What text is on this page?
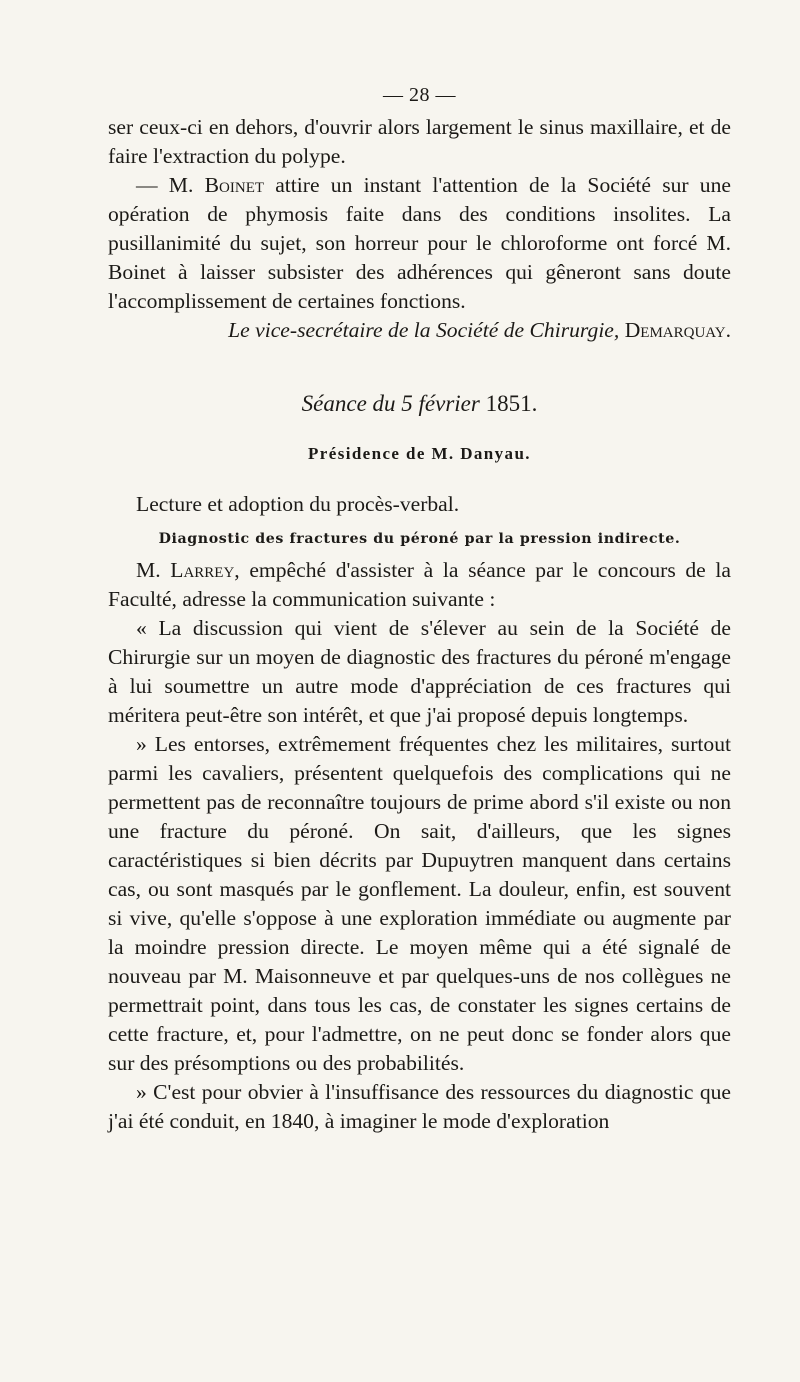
— 28 —

ser ceux-ci en dehors, d'ouvrir alors largement le sinus maxillaire, et de faire l'extraction du polype.

— M. Boinet attire un instant l'attention de la Société sur une opération de phymosis faite dans des conditions insolites. La pusillanimité du sujet, son horreur pour le chloroforme ont forcé M. Boinet à laisser subsister des adhérences qui gêneront sans doute l'accomplissement de certaines fonctions.

Le vice-secrétaire de la Société de Chirurgie, Demarquay.
Séance du 5 février 1851.
Présidence de M. Danyau.

Lecture et adoption du procès-verbal.

Diagnostic des fractures du péroné par la pression indirecte.

M. Larrey, empêché d'assister à la séance par le concours de la Faculté, adresse la communication suivante :

« La discussion qui vient de s'élever au sein de la Société de Chirurgie sur un moyen de diagnostic des fractures du péroné m'engage à lui soumettre un autre mode d'appréciation de ces fractures qui méritera peut-être son intérêt, et que j'ai proposé depuis longtemps.

» Les entorses, extrêmement fréquentes chez les militaires, surtout parmi les cavaliers, présentent quelquefois des complications qui ne permettent pas de reconnaître toujours de prime abord s'il existe ou non une fracture du péroné. On sait, d'ailleurs, que les signes caractéristiques si bien décrits par Dupuytren manquent dans certains cas, ou sont masqués par le gonflement. La douleur, enfin, est souvent si vive, qu'elle s'oppose à une exploration immédiate ou augmente par la moindre pression directe. Le moyen même qui a été signalé de nouveau par M. Maisonneuve et par quelques-uns de nos collègues ne permettrait point, dans tous les cas, de constater les signes certains de cette fracture, et, pour l'admettre, on ne peut donc se fonder alors que sur des présomptions ou des probabilités.

» C'est pour obvier à l'insuffisance des ressources du diagnostic que j'ai été conduit, en 1840, à imaginer le mode d'exploration
